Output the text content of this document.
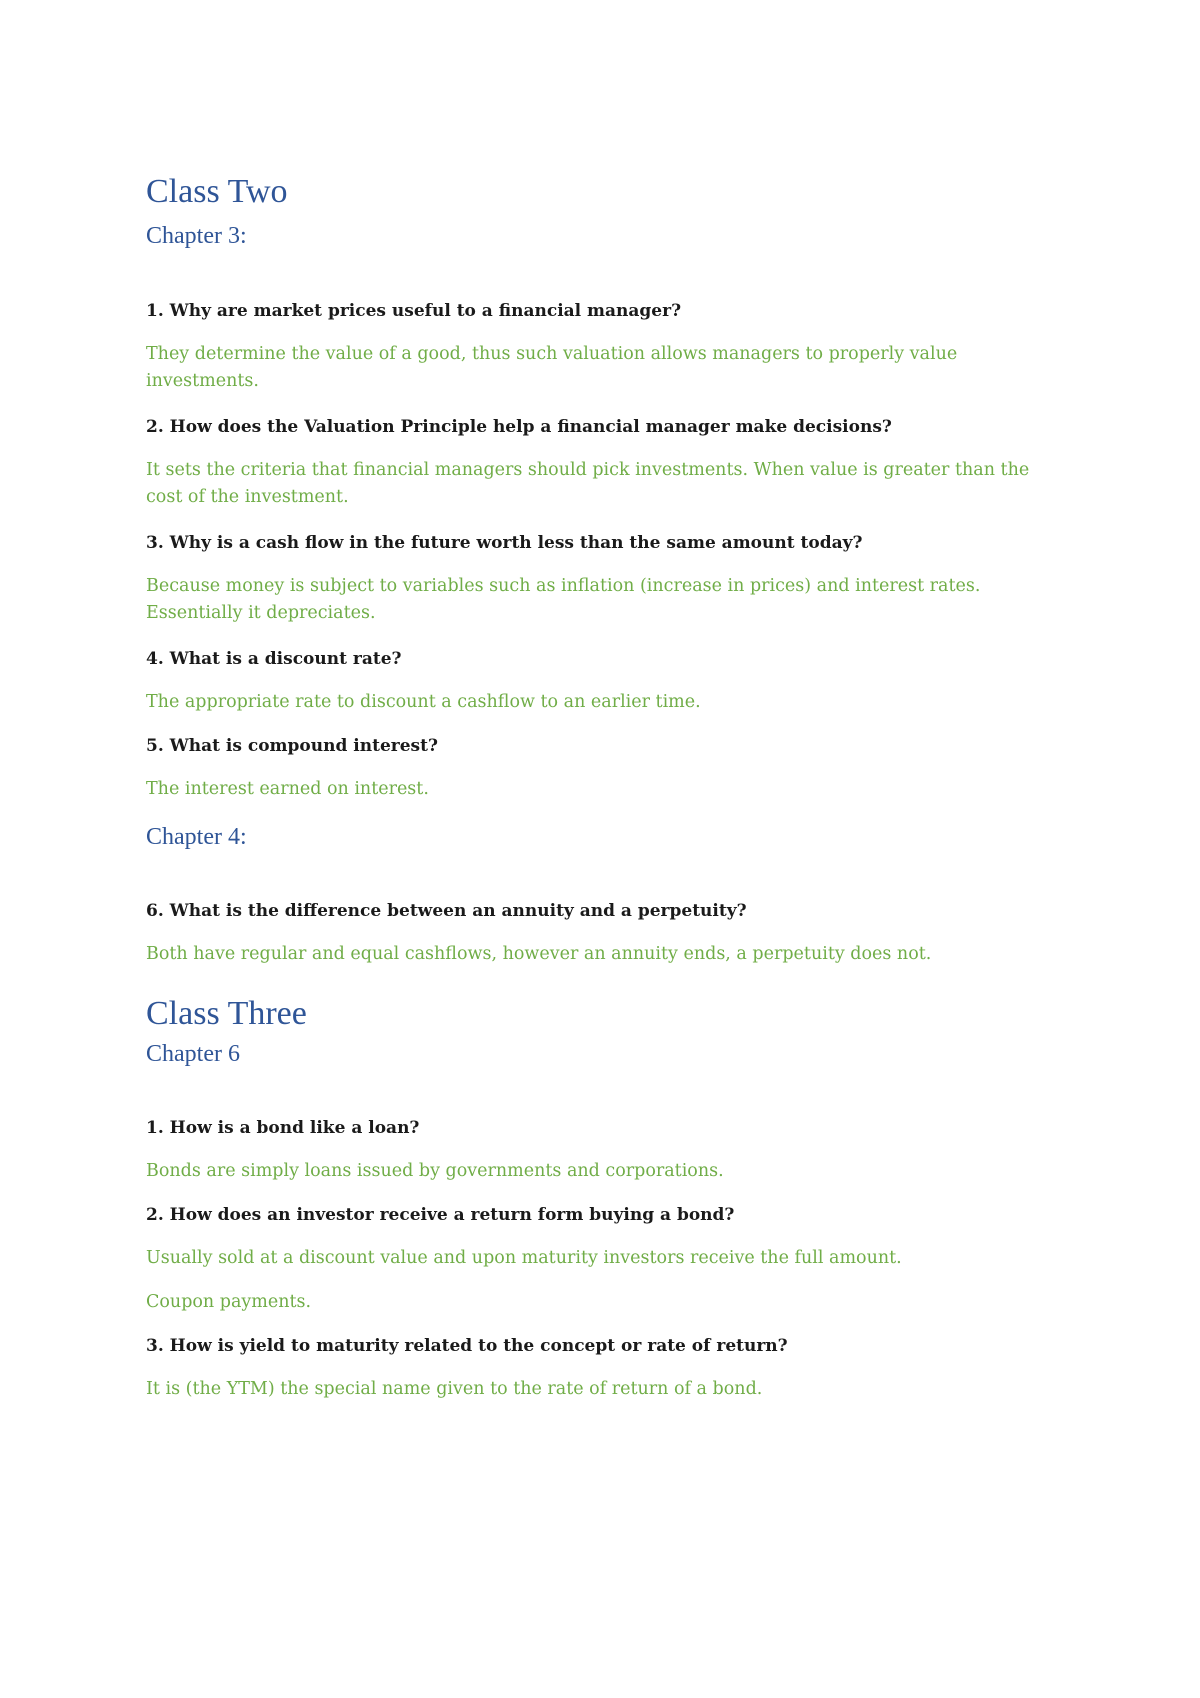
Class Two

Chapter 3:

1. Why are market prices useful to a financial manager?

They determine the value of a good, thus such valuation allows managers to properly value investments.

2. How does the Valuation Principle help a financial manager make decisions?

It sets the criteria that financial managers should pick investments. When value is greater than the cost of the investment.

3. Why is a cash flow in the future worth less than the same amount today?

Because money is subject to variables such as inflation (increase in prices) and interest rates. Essentially it depreciates.

4. What is a discount rate?

The appropriate rate to discount a cashflow to an earlier time.

5. What is compound interest?

The interest earned on interest.

Chapter 4:

6. What is the difference between an annuity and a perpetuity?

Both have regular and equal cashflows, however an annuity ends, a perpetuity does not.

Class Three

Chapter 6

1. How is a bond like a loan?

Bonds are simply loans issued by governments and corporations.

2. How does an investor receive a return form buying a bond?

Usually sold at a discount value and upon maturity investors receive the full amount.

Coupon payments.

3. How is yield to maturity related to the concept or rate of return?

It is (the YTM) the special name given to the rate of return of a bond.
